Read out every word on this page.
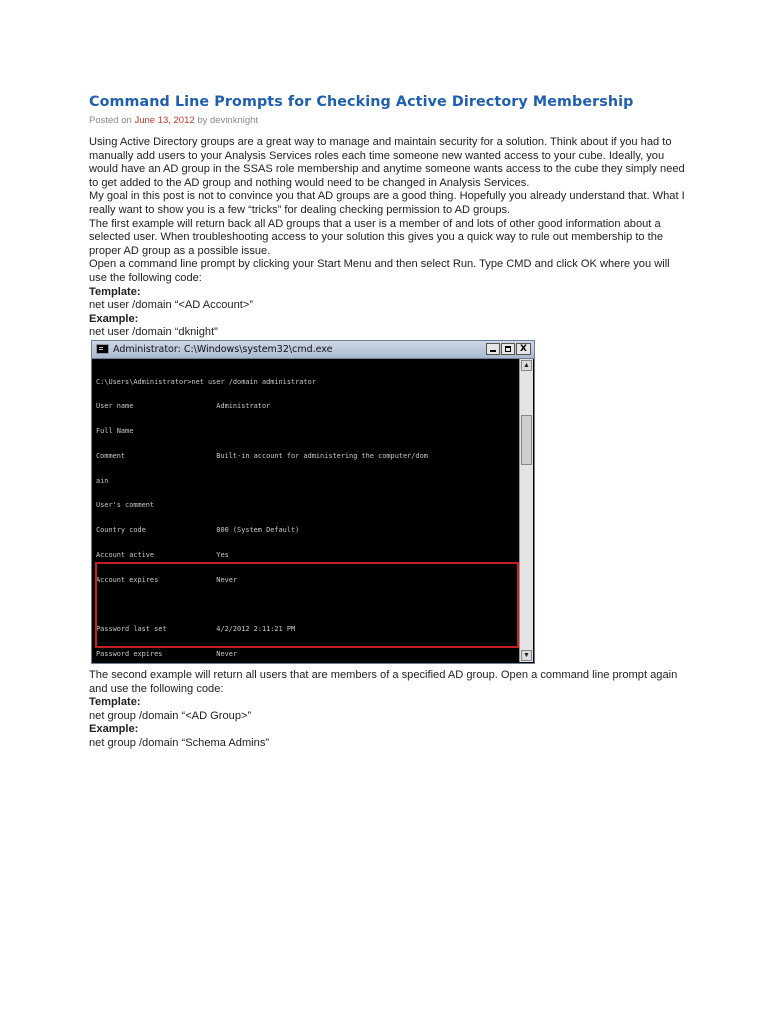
Command Line Prompts for Checking Active Directory Membership
Posted on June 13, 2012 by devinknight

Using Active Directory groups are a great way to manage and maintain security for a solution. Think about if you had to manually add users to your Analysis Services roles each time someone new wanted access to your cube. Ideally, you would have an AD group in the SSAS role membership and anytime someone wants access to the cube they simply need to get added to the AD group and nothing would need to be changed in Analysis Services.

My goal in this post is not to convince you that AD groups are a good thing. Hopefully you already understand that. What I really want to show you is a few “tricks” for dealing checking permission to AD groups.

The first example will return back all AD groups that a user is a member of and lots of other good information about a selected user. When troubleshooting access to your solution this gives you a quick way to rule out membership to the proper AD group as a possible issue.

Open a command line prompt by clicking your Start Menu and then select Run. Type CMD and click OK where you will use the following code:

Template:

net user /domain “<AD Account>”

Example:

net user /domain “dknight”

Administrator: C:\Windows\system32\cmd.exe	X

C:\Users\Administrator>net user /domain administrator

User name                    Administrator

Full Name

Comment                      Built-in account for administering the computer/dom

ain

User's comment

Country code                 000 (System Default)

Account active               Yes

Account expires              Never

Password last set            4/2/2012 2:11:21 PM

Password expires             Never

▲
▼

The second example will return all users that are members of a specified AD group. Open a command line prompt again and use the following code:

Template:

net group /domain “<AD Group>”

Example:

net group /domain “Schema Admins”
